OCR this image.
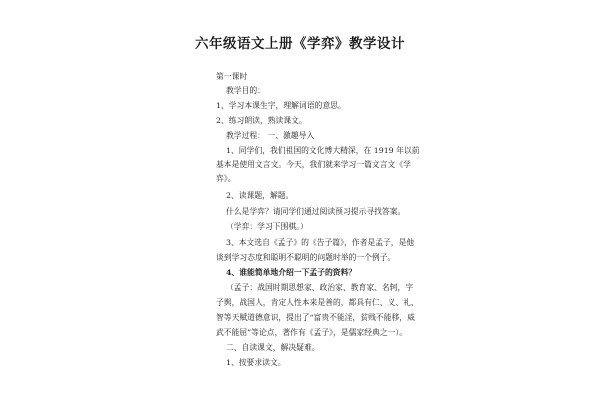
六年级语文上册《学弈》教学设计
第一课时
教学目的：
1、学习本课生字，理解词语的意思。
2、练习朗读，熟读课文。
教学过程： 一、激趣导入
1、同学们，我们祖国的文化博大精深，在 1919 年以前
基本是使用文言文。今天，我们就来学习一篇文言文《学
弈》。
2、读课题，解题。
什么是学弈？请同学们通过阅读预习提示寻找答案。
（学弈：学习下围棋。）
3、本文选自《孟子》的《告子篇》，作者是孟子，是他
谈到学习态度和聪明不聪明的问题时举的一个例子。
4、谁能简单地介绍一下孟子的资料？
（孟子：战国时期思想家、政治家、教育家、名轲，字
子舆，战国人，肯定人性本来是善的，都具有仁、义、礼、
智等天赋道德意识，提出了“富贵不能淫，贫贱不能移，威
武不能屈”等论点，著作有《孟子》，是儒家经典之一）。
二、自读课文，解决疑难。
1、按要求读文。
